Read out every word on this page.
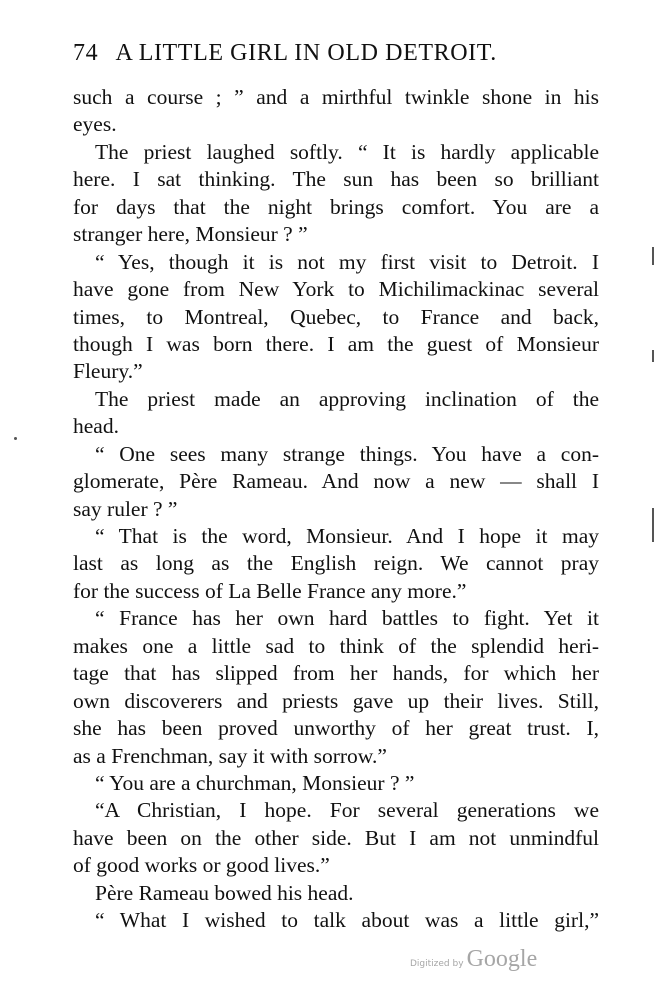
74 A LITTLE GIRL IN OLD DETROIT.
such a course ; ” and a mirthful twinkle shone in his
eyes.
The priest laughed softly. “ It is hardly applicable
here. I sat thinking. The sun has been so brilliant
for days that the night brings comfort. You are a
stranger here, Monsieur ? ”
“ Yes, though it is not my first visit to Detroit. I
have gone from New York to Michilimackinac several
times, to Montreal, Quebec, to France and back,
though I was born there. I am the guest of Monsieur
Fleury.”
The priest made an approving inclination of the
head.
“ One sees many strange things. You have a con-
glomerate, Père Rameau. And now a new — shall I
say ruler ? ”
“ That is the word, Monsieur. And I hope it may
last as long as the English reign. We cannot pray
for the success of La Belle France any more.”
“ France has her own hard battles to fight. Yet it
makes one a little sad to think of the splendid heri-
tage that has slipped from her hands, for which her
own discoverers and priests gave up their lives. Still,
she has been proved unworthy of her great trust. I,
as a Frenchman, say it with sorrow.”
“ You are a churchman, Monsieur ? ”
“A Christian, I hope. For several generations we
have been on the other side. But I am not unmindful
of good works or good lives.”
Père Rameau bowed his head.
“ What I wished to talk about was a little girl,”
Digitized by Google
